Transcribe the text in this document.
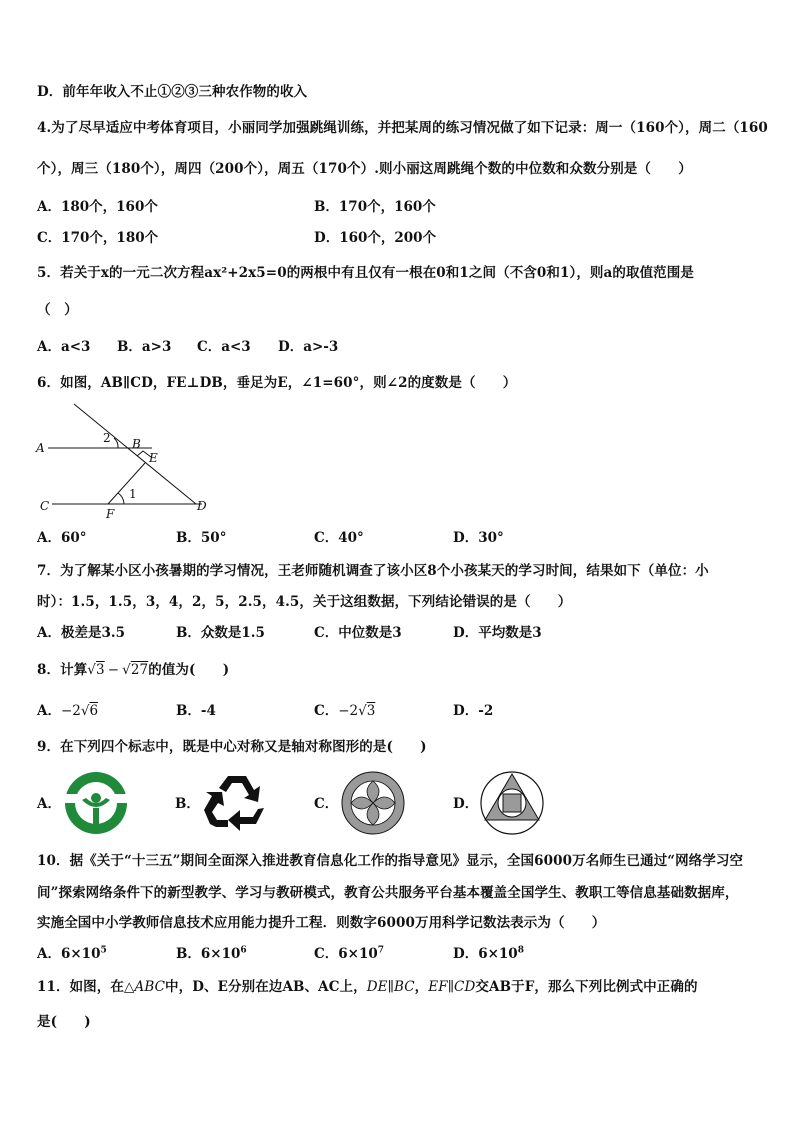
D．前年年收入不止①②③三种农作物的收入
4.为了尽早适应中考体育项目，小丽同学加强跳绳训练，并把某周的练习情况做了如下记录：周一（160个），周二（160
个），周三（180个），周四（200个），周五（170个）.则小丽这周跳绳个数的中位数和众数分别是（　　）
A．180个，160个	B．170个，160个
C．170个，180个	D．160个，200个
5．若关于x的一元二次方程ax²+2x5=0的两根中有且仅有一根在0和1之间（不含0和1），则a的取值范围是
（　）
A．a<3 B．a>3 C．a<3 D．a>-3
6．如图，AB∥CD，FE⊥DB，垂足为E，∠1=60°，则∠2的度数是（　　）
A	B
C	D
E
F
1
2
A．60°	B．50°	C．40°	D．30°
7．为了解某小区小孩暑期的学习情况，王老师随机调查了该小区8个小孩某天的学习时间，结果如下（单位：小
时）：1.5，1.5，3，4，2，5，2.5，4.5，关于这组数据，下列结论错误的是（　　）
A．极差是3.5	B．众数是1.5	C．中位数是3	D．平均数是3
8．计算√3 − √27的值为(　　)
A．−2√6	B．-4	C．−2√3	D．-2
9．在下列四个标志中，既是中心对称又是轴对称图形的是(　　)
A．	B．	C．	D．
10．据《关于“十三五”期间全面深入推进教育信息化工作的指导意见》显示，全国6000万名师生已通过“网络学习空
间”探索网络条件下的新型教学、学习与教研模式，教育公共服务平台基本覆盖全国学生、教职工等信息基础数据库，
实施全国中小学教师信息技术应用能力提升工程．则数字6000万用科学记数法表示为（　　）
A．$6\times 10^5$	B．$6\times 10^6$	C．$6\times 10^7$	D．$6\times 10^8$
11．如图，在△ABC中，D、E分别在边AB、AC上，DE∥BC，EF∥CD交AB于F，那么下列比例式中正确的
是(　　)
